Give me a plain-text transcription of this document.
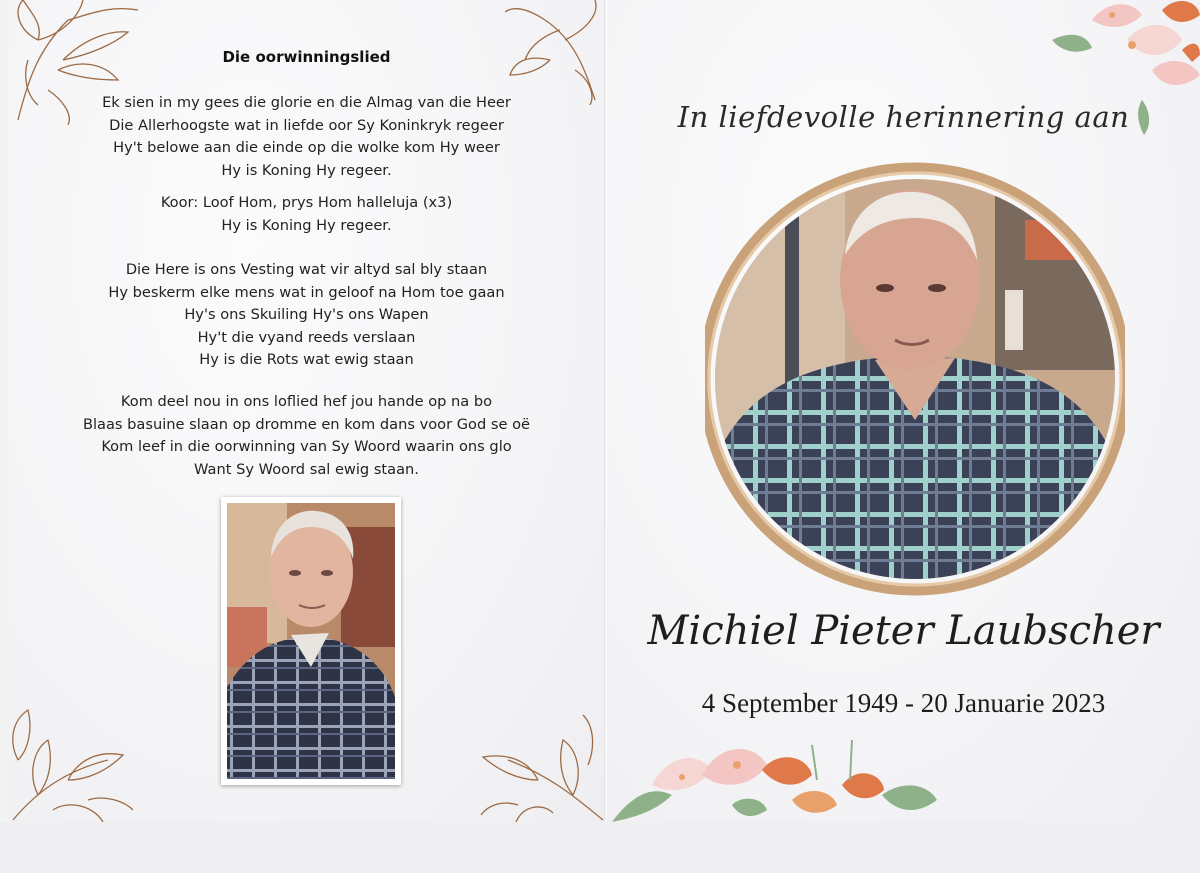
Die oorwinningslied
Ek sien in my gees die glorie en die Almag van die Heer
Die Allerhoogste wat in liefde oor Sy Koninkryk regeer
Hy't belowe aan die einde op die wolke kom Hy weer
Hy is Koning Hy regeer.
Koor: Loof Hom, prys Hom halleluja (x3)
Hy is Koning Hy regeer.
Die Here is ons Vesting wat vir altyd sal bly staan
Hy beskerm elke mens wat in geloof na Hom toe gaan
Hy's ons Skuiling Hy's ons Wapen
Hy't die vyand reeds verslaan
Hy is die Rots wat ewig staan
Kom deel nou in ons loflied hef jou hande op na bo
Blaas basuine slaan op dromme en kom dans voor God se oë
Kom leef in die oorwinning van Sy Woord waarin ons glo
Want Sy Woord sal ewig staan.
In liefdevolle herinnering aan
Michiel Pieter Laubscher
4 September 1949 - 20 Januarie 2023
